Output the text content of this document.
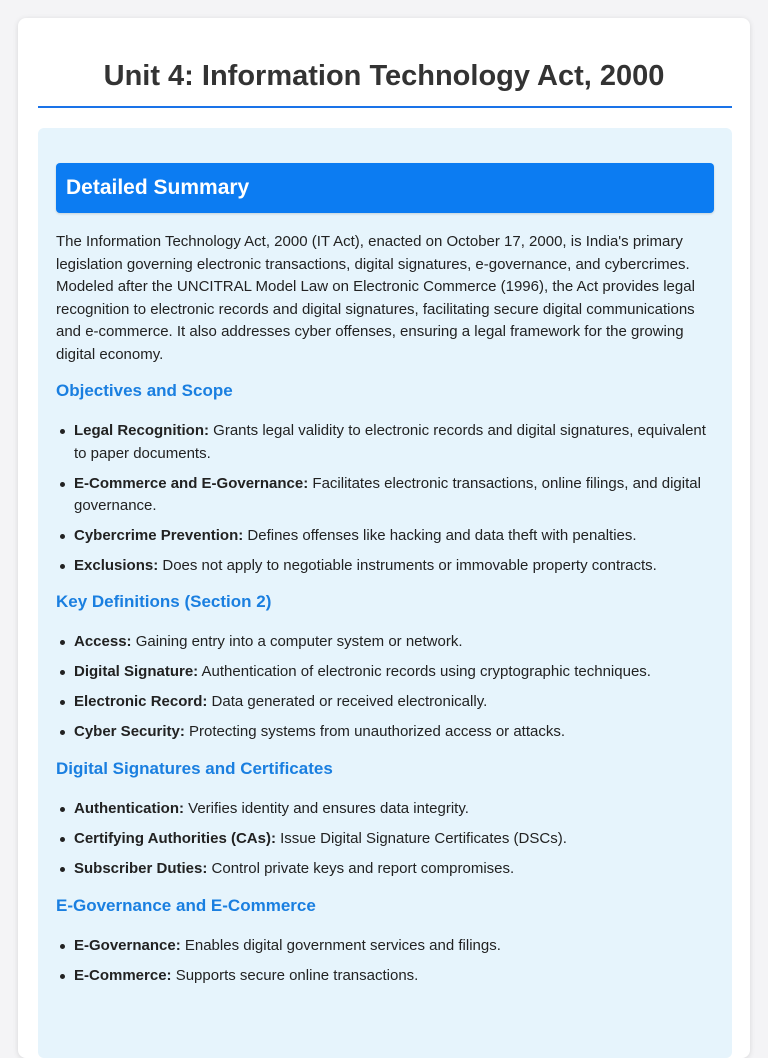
Unit 4: Information Technology Act, 2000
Detailed Summary

The Information Technology Act, 2000 (IT Act), enacted on October 17, 2000, is India's primary legislation governing electronic transactions, digital signatures, e-governance, and cybercrimes. Modeled after the UNCITRAL Model Law on Electronic Commerce (1996), the Act provides legal recognition to electronic records and digital signatures, facilitating secure digital communications and e-commerce. It also addresses cyber offenses, ensuring a legal framework for the growing digital economy.

Objectives and Scope
Legal Recognition: Grants legal validity to electronic records and digital signatures, equivalent to paper documents.
E-Commerce and E-Governance: Facilitates electronic transactions, online filings, and digital governance.
Cybercrime Prevention: Defines offenses like hacking and data theft with penalties.
Exclusions: Does not apply to negotiable instruments or immovable property contracts.
Key Definitions (Section 2)
Access: Gaining entry into a computer system or network.
Digital Signature: Authentication of electronic records using cryptographic techniques.
Electronic Record: Data generated or received electronically.
Cyber Security: Protecting systems from unauthorized access or attacks.
Digital Signatures and Certificates
Authentication: Verifies identity and ensures data integrity.
Certifying Authorities (CAs): Issue Digital Signature Certificates (DSCs).
Subscriber Duties: Control private keys and report compromises.
E-Governance and E-Commerce
E-Governance: Enables digital government services and filings.
E-Commerce: Supports secure online transactions.
